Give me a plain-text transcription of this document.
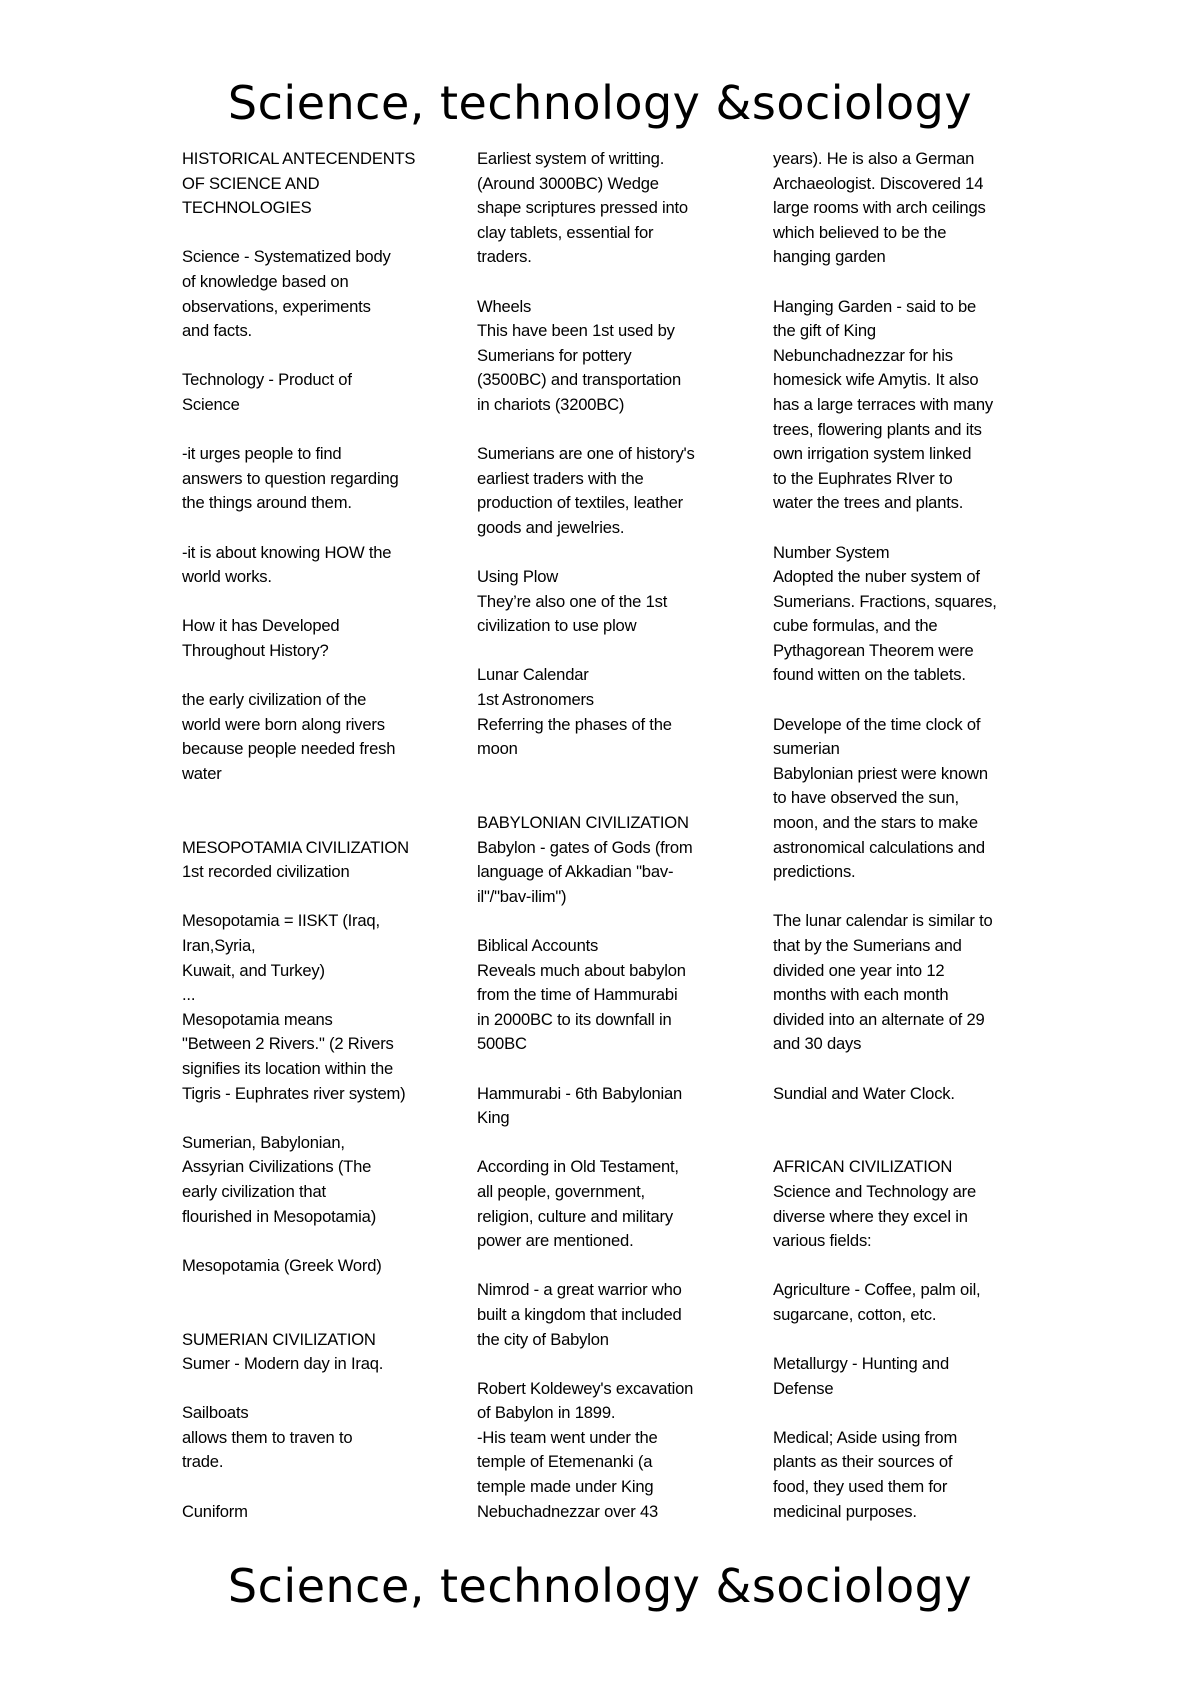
Science, technology &sociology
HISTORICAL ANTECENDENTS
OF SCIENCE AND
TECHNOLOGIES

Science - Systematized body
of knowledge based on
observations, experiments
and facts.

Technology - Product of
Science

-it urges people to find
answers to question regarding
the things around them.

-it is about knowing HOW the
world works.

How it has Developed
Throughout History?

the early civilization of the
world were born along rivers
because people needed fresh
water

MESOPOTAMIA CIVILIZATION
1st recorded civilization

Mesopotamia = IISKT (Iraq,
Iran,Syria,
Kuwait, and Turkey)
...
Mesopotamia means
"Between 2 Rivers." (2 Rivers
signifies its location within the
Tigris - Euphrates river system)

Sumerian, Babylonian,
Assyrian Civilizations (The
early civilization that
flourished in Mesopotamia)

Mesopotamia (Greek Word)

SUMERIAN CIVILIZATION
Sumer - Modern day in Iraq.

Sailboats
allows them to traven to
trade.

Cuniform
Earliest system of writting.
(Around 3000BC) Wedge
shape scriptures pressed into
clay tablets, essential for
traders.

Wheels
This have been 1st used by
Sumerians for pottery
(3500BC) and transportation
in chariots (3200BC)

Sumerians are one of history's
earliest traders with the
production of textiles, leather
goods and jewelries.

Using Plow
They’re also one of the 1st
civilization to use plow

Lunar Calendar
1st Astronomers
Referring the phases of the
moon

BABYLONIAN CIVILIZATION
Babylon - gates of Gods (from
language of Akkadian "bav-
il"/"bav-ilim")

Biblical Accounts
Reveals much about babylon
from the time of Hammurabi
in 2000BC to its downfall in
500BC

Hammurabi - 6th Babylonian
King

According in Old Testament,
all people, government,
religion, culture and military
power are mentioned.

Nimrod - a great warrior who
built a kingdom that included
the city of Babylon

Robert Koldewey's excavation
of Babylon in 1899.
-His team went under the
temple of Etemenanki (a
temple made under King
Nebuchadnezzar over 43
years). He is also a German
Archaeologist. Discovered 14
large rooms with arch ceilings
which believed to be the
hanging garden

Hanging Garden - said to be
the gift of King
Nebunchadnezzar for his
homesick wife Amytis. It also
has a large terraces with many
trees, flowering plants and its
own irrigation system linked
to the Euphrates RIver to
water the trees and plants.

Number System
Adopted the nuber system of
Sumerians. Fractions, squares,
cube formulas, and the
Pythagorean Theorem were
found witten on the tablets.

Develope of the time clock of
sumerian
Babylonian priest were known
to have observed the sun,
moon, and the stars to make
astronomical calculations and
predictions.

The lunar calendar is similar to
that by the Sumerians and
divided one year into 12
months with each month
divided into an alternate of 29
and 30 days

Sundial and Water Clock.

AFRICAN CIVILIZATION
Science and Technology are
diverse where they excel in
various fields:

Agriculture - Coffee, palm oil,
sugarcane, cotton, etc.

Metallurgy - Hunting and
Defense

Medical; Aside using from
plants as their sources of
food, they used them for
medicinal purposes.
Science, technology &sociology
